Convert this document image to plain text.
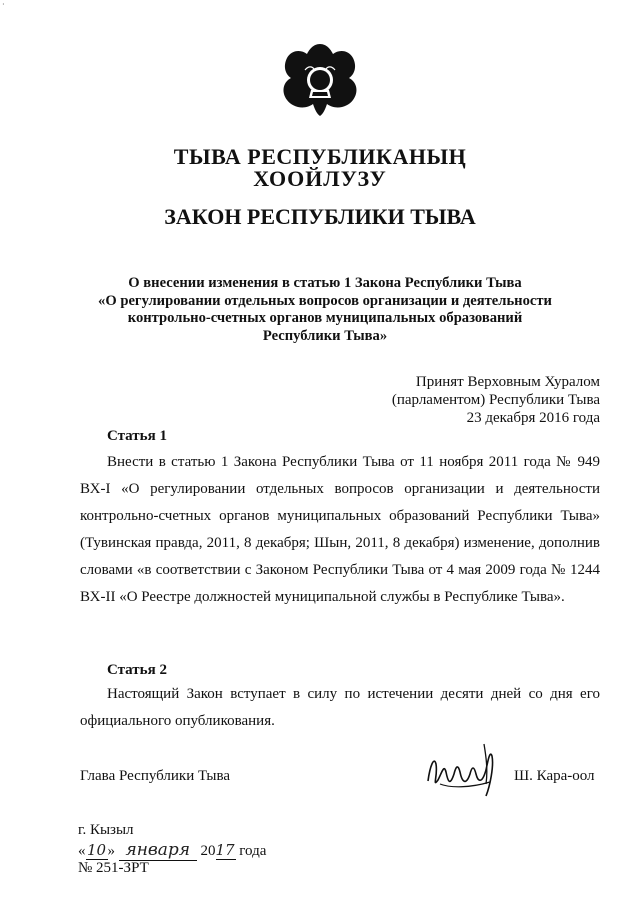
·
ТЫВА РЕСПУБЛИКАНЫҢ
ХООЙЛУЗУ
ЗАКОН РЕСПУБЛИКИ ТЫВА
О внесении изменения в статью 1 Закона Республики Тыва
«О регулировании отдельных вопросов организации и деятельности
контрольно-счетных органов муниципальных образований
Республики Тыва»
Принят Верховным Хуралом
(парламентом) Республики Тыва
23 декабря 2016 года
Статья 1
Внести в статью 1 Закона Республики Тыва от 11 ноября 2011 года № 949 ВХ-I «О регулировании отдельных вопросов организации и деятельности контрольно-счетных органов муниципальных образований Республики Тыва» (Тувинская правда, 2011, 8 декабря; Шын, 2011, 8 декабря) изменение, дополнив словами «в соответствии с Законом Республики Тыва от 4 мая 2009 года № 1244 ВХ-II «О Реестре должностей муниципальной службы в Республике Тыва».
Статья 2
Настоящий Закон вступает в силу по истечении десяти дней со дня его официального опубликования.
Глава Республики Тыва	Ш. Кара-оол
г. Кызыл
«10» января 2017 года
№ 251-ЗРТ
